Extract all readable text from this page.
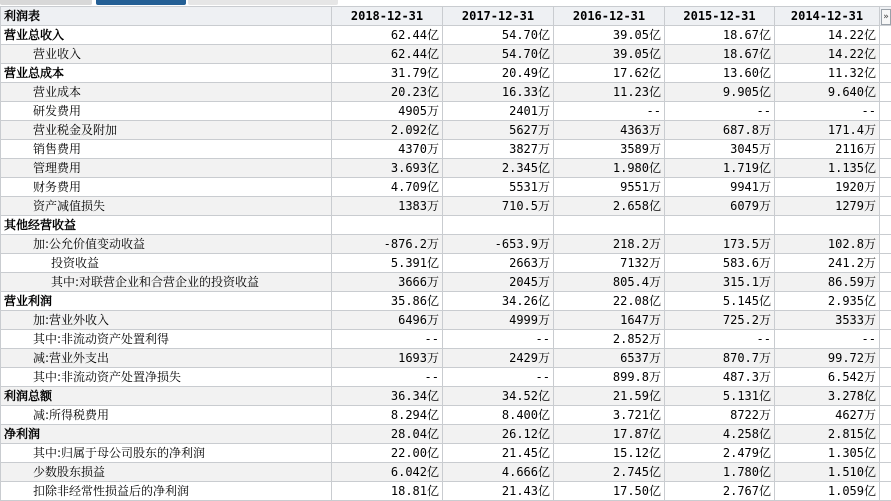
利润表	2018-12-31	2017-12-31	2016-12-31	2015-12-31	2014-12-31	»

营业总收入	62.44亿	54.70亿	39.05亿	18.67亿	14.22亿	
营业收入	62.44亿	54.70亿	39.05亿	18.67亿	14.22亿	
营业总成本	31.79亿	20.49亿	17.62亿	13.60亿	11.32亿	
营业成本	20.23亿	16.33亿	11.23亿	9.905亿	9.640亿	
研发费用	4905万	2401万	--	--	--	
营业税金及附加	2.092亿	5627万	4363万	687.8万	171.4万	
销售费用	4370万	3827万	3589万	3045万	2116万	
管理费用	3.693亿	2.345亿	1.980亿	1.719亿	1.135亿	
财务费用	4.709亿	5531万	9551万	9941万	1920万	
资产减值损失	1383万	710.5万	2.658亿	6079万	1279万	
其他经营收益						
加:公允价值变动收益	-876.2万	-653.9万	218.2万	173.5万	102.8万	
投资收益	5.391亿	2663万	7132万	583.6万	241.2万	
其中:对联营企业和合营企业的投资收益	3666万	2045万	805.4万	315.1万	86.59万	
营业利润	35.86亿	34.26亿	22.08亿	5.145亿	2.935亿	
加:营业外收入	6496万	4999万	1647万	725.2万	3533万	
其中:非流动资产处置利得	--	--	2.852万	--	--	
减:营业外支出	1693万	2429万	6537万	870.7万	99.72万	
其中:非流动资产处置净损失	--	--	899.8万	487.3万	6.542万	
利润总额	36.34亿	34.52亿	21.59亿	5.131亿	3.278亿	
减:所得税费用	8.294亿	8.400亿	3.721亿	8722万	4627万	
净利润	28.04亿	26.12亿	17.87亿	4.258亿	2.815亿	
其中:归属于母公司股东的净利润	22.00亿	21.45亿	15.12亿	2.479亿	1.305亿	
少数股东损益	6.042亿	4.666亿	2.745亿	1.780亿	1.510亿	
扣除非经常性损益后的净利润	18.81亿	21.43亿	17.50亿	2.767亿	1.059亿	
